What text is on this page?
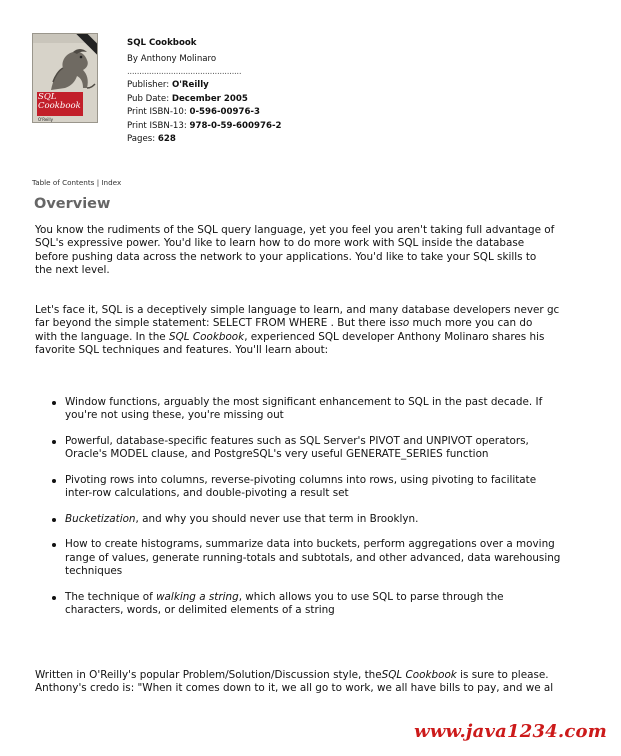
SQL
Cookbook
O'Reilly
SQL Cookbook
By Anthony Molinaro
...............................................
Publisher: O'Reilly
Pub Date: December 2005
Print ISBN-10: 0-596-00976-3
Print ISBN-13: 978-0-59-600976-2
Pages: 628
Table of Contents | Index
Overview
You know the rudiments of the SQL query language, yet you feel you aren't taking full advantage of
SQL's expressive power. You'd like to learn how to do more work with SQL inside the database
before pushing data across the network to your applications. You'd like to take your SQL skills to
the next level.
Let's face it, SQL is a deceptively simple language to learn, and many database developers never gc
far beyond the simple statement: SELECT FROM WHERE . But there isso much more you can do
with the language. In the SQL Cookbook, experienced SQL developer Anthony Molinaro shares his
favorite SQL techniques and features. You'll learn about:
Window functions, arguably the most significant enhancement to SQL in the past decade. If
you're not using these, you're missing out
Powerful, database-specific features such as SQL Server's PIVOT and UNPIVOT operators,
Oracle's MODEL clause, and PostgreSQL's very useful GENERATE_SERIES function
Pivoting rows into columns, reverse-pivoting columns into rows, using pivoting to facilitate
inter-row calculations, and double-pivoting a result set
Bucketization, and why you should never use that term in Brooklyn.
How to create histograms, summarize data into buckets, perform aggregations over a moving
range of values, generate running-totals and subtotals, and other advanced, data warehousing
techniques
The technique of walking a string, which allows you to use SQL to parse through the
characters, words, or delimited elements of a string
Written in O'Reilly's popular Problem/Solution/Discussion style, theSQL Cookbook is sure to please.
Anthony's credo is: "When it comes down to it, we all go to work, we all have bills to pay, and we al
www.java1234.com
